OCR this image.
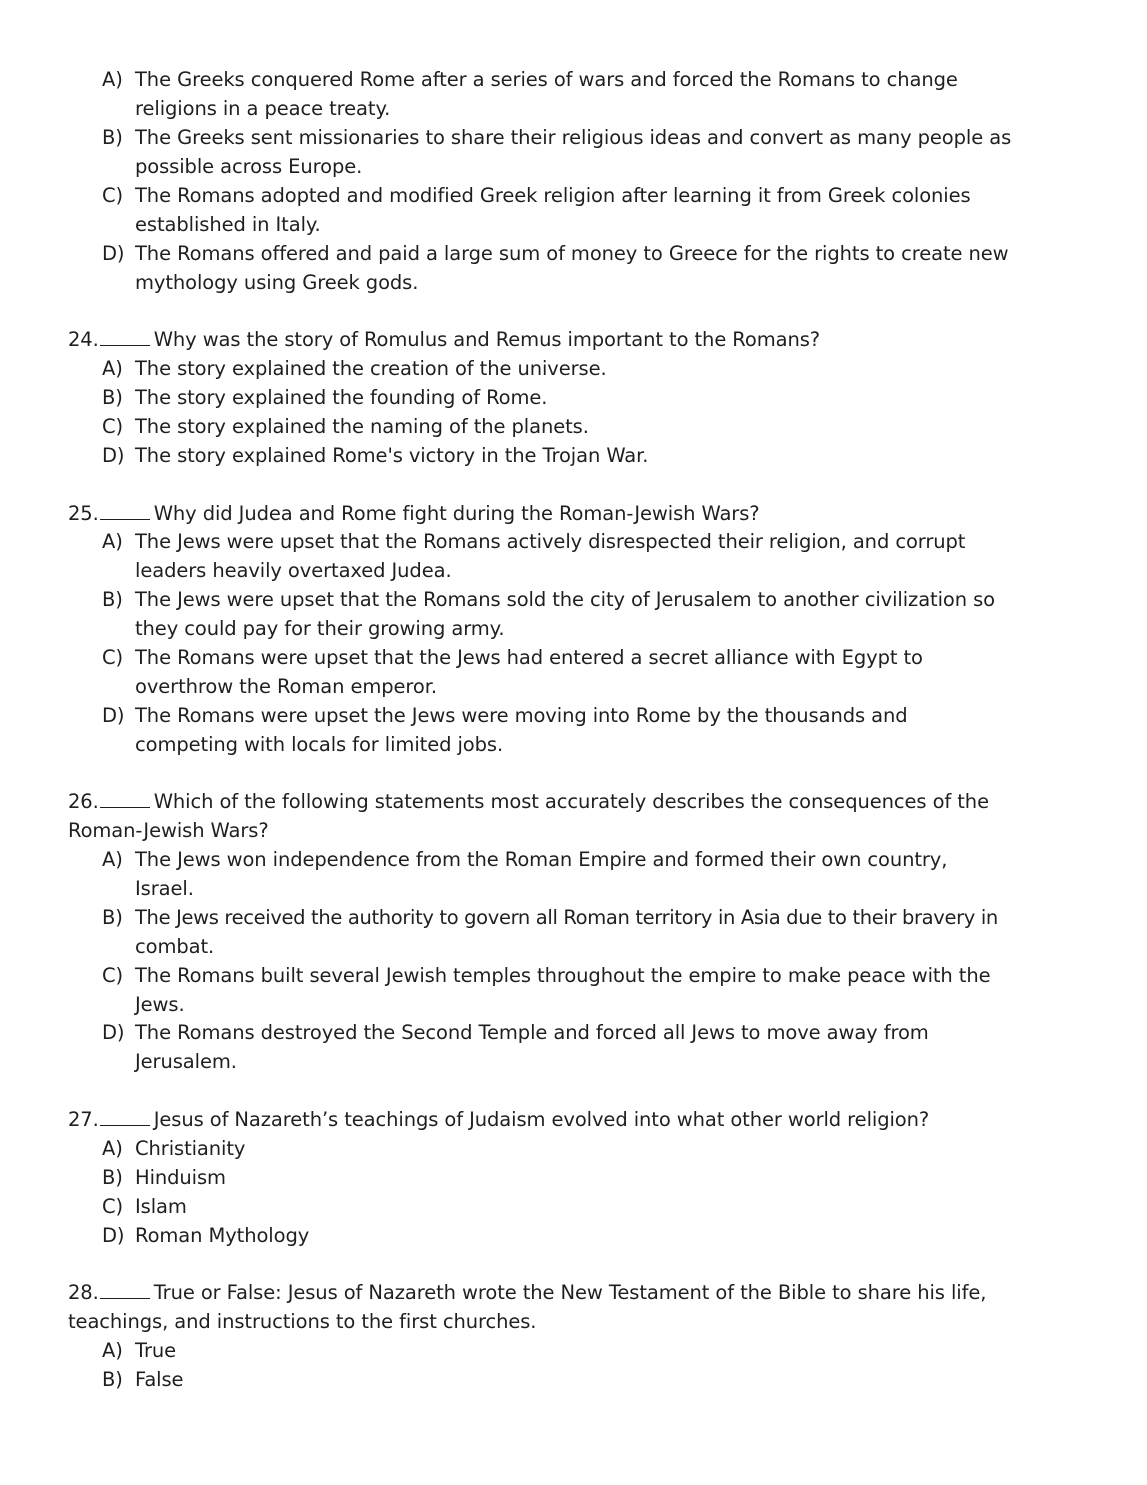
A) The Greeks conquered Rome after a series of wars and forced the Romans to change
religions in a peace treaty.
B) The Greeks sent missionaries to share their religious ideas and convert as many people as
possible across Europe.
C) The Romans adopted and modified Greek religion after learning it from Greek colonies
established in Italy.
D) The Romans offered and paid a large sum of money to Greece for the rights to create new
mythology using Greek gods.
24.	Why was the story of Romulus and Remus important to the Romans?
A) The story explained the creation of the universe.
B) The story explained the founding of Rome.
C) The story explained the naming of the planets.
D) The story explained Rome's victory in the Trojan War.
25.	Why did Judea and Rome fight during the Roman-Jewish Wars?
A) The Jews were upset that the Romans actively disrespected their religion, and corrupt
leaders heavily overtaxed Judea.
B) The Jews were upset that the Romans sold the city of Jerusalem to another civilization so
they could pay for their growing army.
C) The Romans were upset that the Jews had entered a secret alliance with Egypt to
overthrow the Roman emperor.
D) The Romans were upset the Jews were moving into Rome by the thousands and
competing with locals for limited jobs.
26.	Which of the following statements most accurately describes the consequences of the
Roman-Jewish Wars?
A) The Jews won independence from the Roman Empire and formed their own country,
Israel.
B) The Jews received the authority to govern all Roman territory in Asia due to their bravery in
combat.
C) The Romans built several Jewish temples throughout the empire to make peace with the
Jews.
D) The Romans destroyed the Second Temple and forced all Jews to move away from
Jerusalem.
27.	Jesus of Nazareth’s teachings of Judaism evolved into what other world religion?
A) Christianity
B) Hinduism
C) Islam
D) Roman Mythology
28.	True or False: Jesus of Nazareth wrote the New Testament of the Bible to share his life,
teachings, and instructions to the first churches.
A) True
B) False
